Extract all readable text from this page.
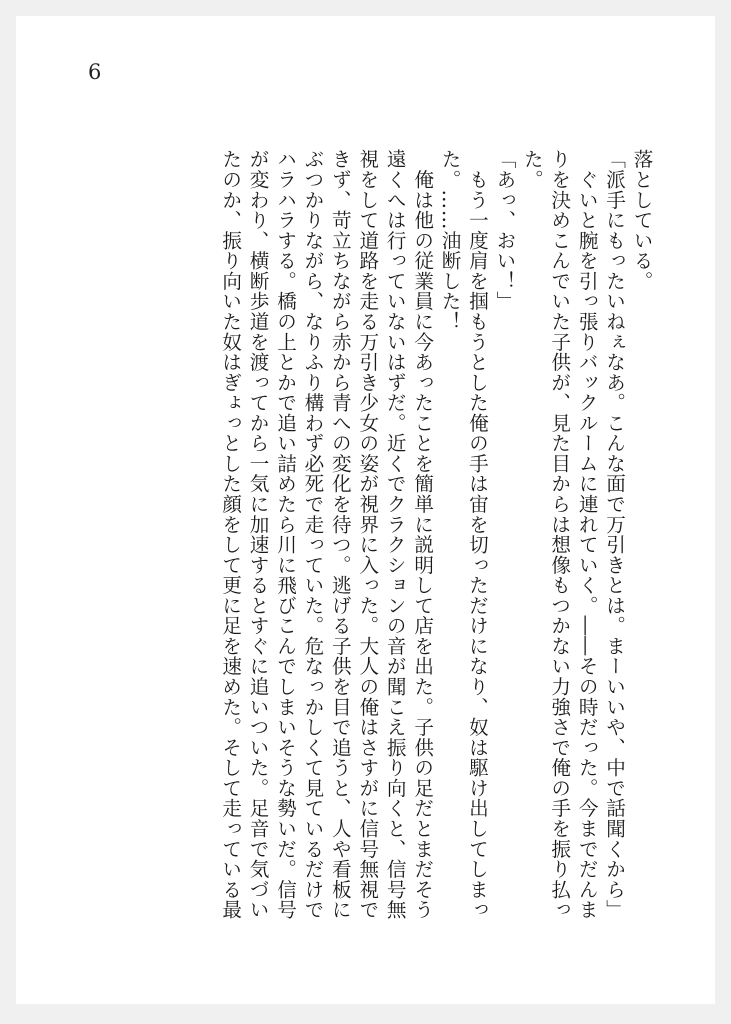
6
落としている。
「派手にもったいねぇなあ。こんな面で万引きとは。まーいいや、中で話聞くから」
　ぐいと腕を引っ張りバックルームに連れていく。――その時だった。今までだんま
りを決めこんでいた子供が、見た目からは想像もつかない力強さで俺の手を振り払っ
た。
「あっ、おい！」
　もう一度肩を掴もうとした俺の手は宙を切っただけになり、奴は駆け出してしまっ
た。……油断した！
　俺は他の従業員に今あったことを簡単に説明して店を出た。子供の足だとまだそう
遠くへは行っていないはずだ。近くでクラクションの音が聞こえ振り向くと、信号無
視をして道路を走る万引き少女の姿が視界に入った。大人の俺はさすがに信号無視で
きず、苛立ちながら赤から青への変化を待つ。逃げる子供を目で追うと、人や看板に
ぶつかりながら、なりふり構わず必死で走っていた。危なっかしくて見ているだけで
ハラハラする。橋の上とかで追い詰めたら川に飛びこんでしまいそうな勢いだ。信号
が変わり、横断歩道を渡ってから一気に加速するとすぐに追いついた。足音で気づい
たのか、振り向いた奴はぎょっとした顔をして更に足を速めた。そして走っている最
